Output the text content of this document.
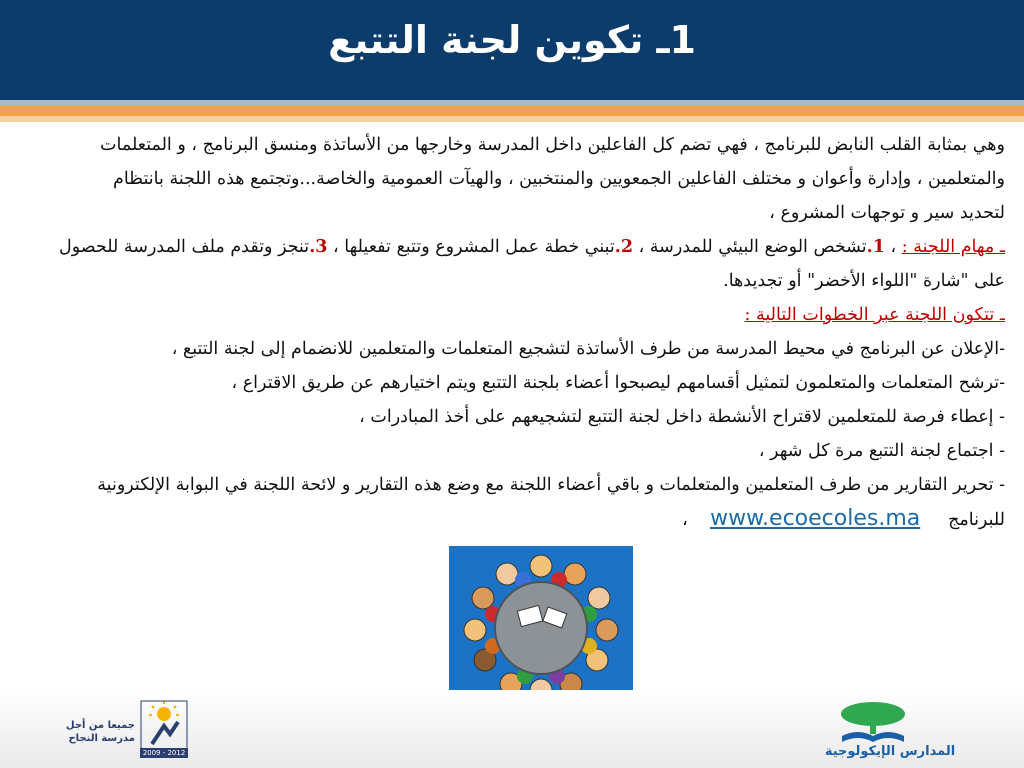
1ـ تكوين لجنة التتبع
وهي بمثابة القلب النابض للبرنامج ، فهي تضم كل الفاعلين داخل المدرسة وخارجها من الأساتذة ومنسق البرنامج ، و المتعلمات
والمتعلمين ، وإدارة وأعوان و مختلف الفاعلين الجمعويين والمنتخبين ، والهيآت العمومية والخاصة...وتجتمع هذه اللجنة بانتظام
لتحديد سير و توجهات المشروع ،
ـ مهام اللجنة : ، 1.تشخص الوضع البيئي للمدرسة ، 2.تبني خطة عمل المشروع وتتبع تفعيلها ، 3.تنجز وتقدم ملف المدرسة للحصول
على "شارة "اللواء الأخضر" أو تجديدها.
ـ تتكون اللجنة عبر الخطوات التالية :
-الإعلان عن البرنامج في محيط المدرسة من طرف الأساتذة لتشجيع المتعلمات والمتعلمين للانضمام إلى لجنة التتبع ،
-ترشح المتعلمات والمتعلمون لتمثيل أقسامهم ليصبحوا أعضاء بلجنة التتبع ويتم اختيارهم عن طريق الاقتراع ،
- إعطاء فرصة للمتعلمين لاقتراح الأنشطة داخل لجنة التتبع لتشجيعهم على أخذ المبادرات ،
- اجتماع لجنة التتبع مرة كل شهر ،
- تحرير التقارير من طرف المتعلمين والمتعلمات و باقي أعضاء اللجنة مع وضع هذه التقارير و لائحة اللجنة في البوابة الإلكترونية
للبرنامج     www.ecoecoles.ma    ،
جميعا من أجل
مدرسة النجاح
2009 - 2012	المدارس الإيكولوجية
